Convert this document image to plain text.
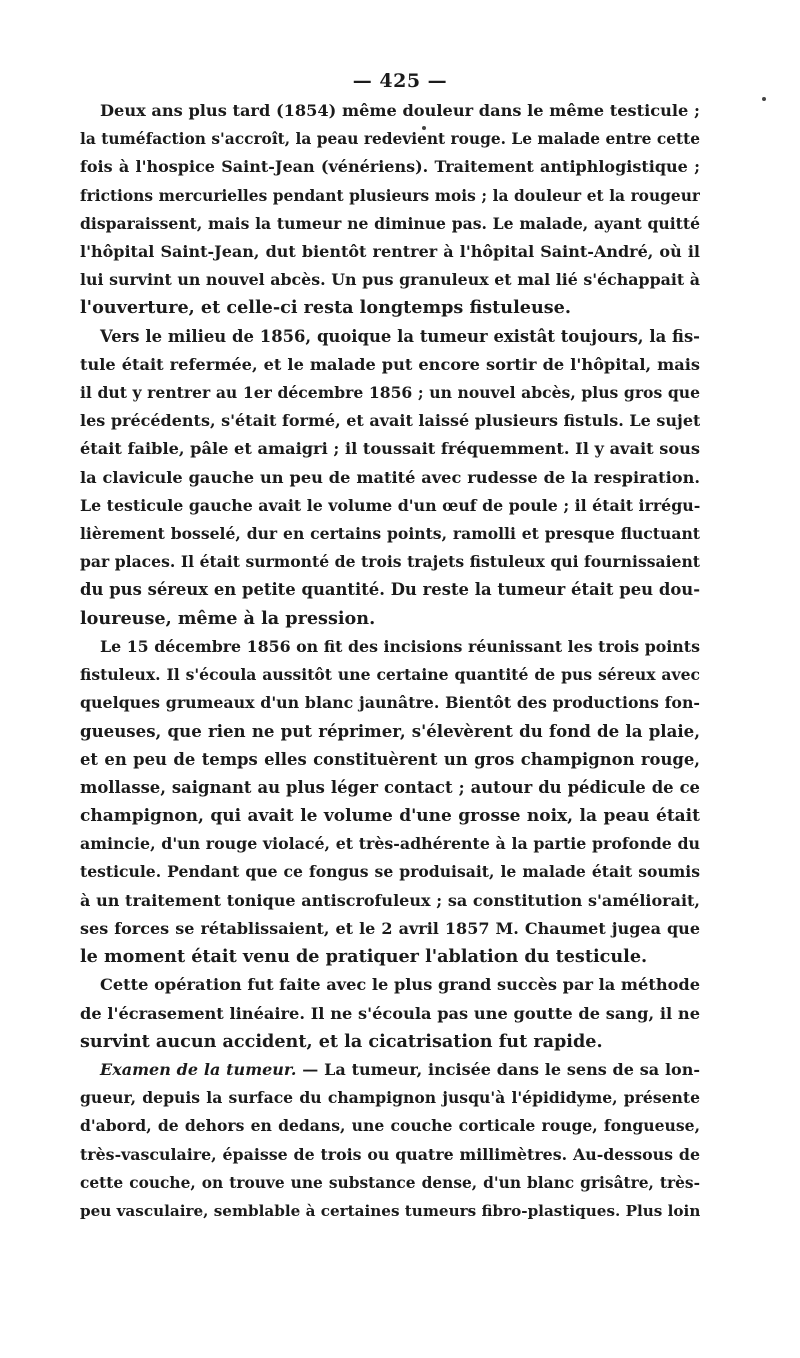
— 425 —
Deux ans plus tard (1854) même douleur dans le même testicule ;
la tuméfaction s'accroît, la peau redevient rouge. Le malade entre cette
fois à l'hospice Saint-Jean (vénériens). Traitement antiphlogistique ;
frictions mercurielles pendant plusieurs mois ; la douleur et la rougeur
disparaissent, mais la tumeur ne diminue pas. Le malade, ayant quitté
l'hôpital Saint-Jean, dut bientôt rentrer à l'hôpital Saint-André, où il
lui survint un nouvel abcès. Un pus granuleux et mal lié s'échappait à
l'ouverture, et celle-ci resta longtemps fistuleuse.
Vers le milieu de 1856, quoique la tumeur existât toujours, la fis-
tule était refermée, et le malade put encore sortir de l'hôpital, mais
il dut y rentrer au 1er décembre 1856 ; un nouvel abcès, plus gros que
les précédents, s'était formé, et avait laissé plusieurs fistuls. Le sujet
était faible, pâle et amaigri ; il toussait fréquemment. Il y avait sous
la clavicule gauche un peu de matité avec rudesse de la respiration.
Le testicule gauche avait le volume d'un œuf de poule ; il était irrégu-
lièrement bosselé, dur en certains points, ramolli et presque fluctuant
par places. Il était surmonté de trois trajets fistuleux qui fournissaient
du pus séreux en petite quantité. Du reste la tumeur était peu dou-
loureuse, même à la pression.
Le 15 décembre 1856 on fit des incisions réunissant les trois points
fistuleux. Il s'écoula aussitôt une certaine quantité de pus séreux avec
quelques grumeaux d'un blanc jaunâtre. Bientôt des productions fon-
gueuses, que rien ne put réprimer, s'élevèrent du fond de la plaie,
et en peu de temps elles constituèrent un gros champignon rouge,
mollasse, saignant au plus léger contact ; autour du pédicule de ce
champignon, qui avait le volume d'une grosse noix, la peau était
amincie, d'un rouge violacé, et très-adhérente à la partie profonde du
testicule. Pendant que ce fongus se produisait, le malade était soumis
à un traitement tonique antiscrofuleux ; sa constitution s'améliorait,
ses forces se rétablissaient, et le 2 avril 1857 M. Chaumet jugea que
le moment était venu de pratiquer l'ablation du testicule.
Cette opération fut faite avec le plus grand succès par la méthode
de l'écrasement linéaire. Il ne s'écoula pas une goutte de sang, il ne
survint aucun accident, et la cicatrisation fut rapide.
Examen de la tumeur. — La tumeur, incisée dans le sens de sa lon-
gueur, depuis la surface du champignon jusqu'à l'épididyme, présente
d'abord, de dehors en dedans, une couche corticale rouge, fongueuse,
très-vasculaire, épaisse de trois ou quatre millimètres. Au-dessous de
cette couche, on trouve une substance dense, d'un blanc grisâtre, très-
peu vasculaire, semblable à certaines tumeurs fibro-plastiques. Plus loin
